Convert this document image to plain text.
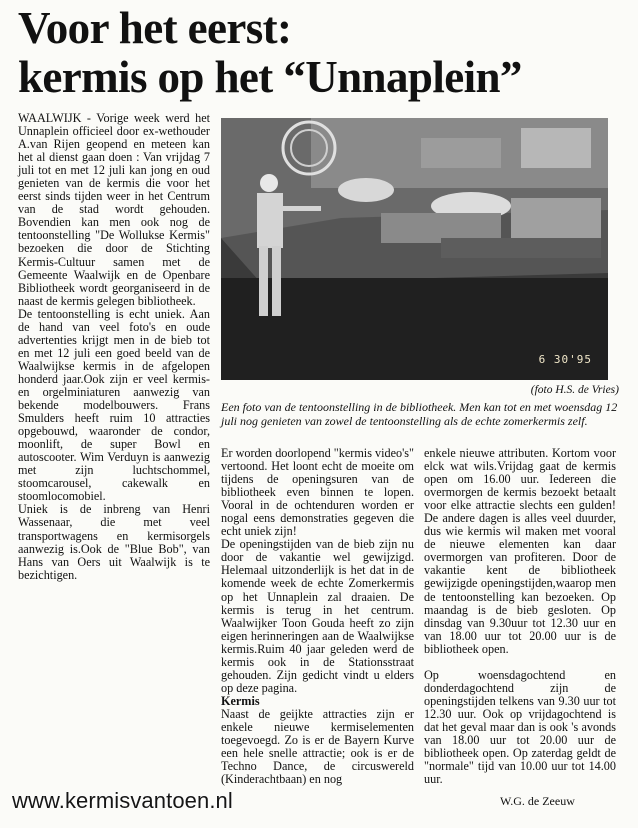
Voor het eerst:
kermis op het “Unnaplein”

WAALWIJK - Vorige week werd het Unnaplein officieel door ex-wethouder A.van Rijen geopend en meteen kan het al dienst gaan doen : Van vrijdag 7 juli tot en met 12 juli kan jong en oud genieten van de kermis die voor het eerst sinds tijden weer in het Centrum van de stad wordt gehouden. Bovendien kan men ook nog de tentoonstelling "De Wollukse Kermis" bezoeken die door de Stichting Kermis-Cultuur samen met de Gemeente Waalwijk en de Openbare Bibliotheek wordt georganiseerd in de naast de kermis gelegen bibliotheek.

De tentoonstelling is echt uniek. Aan de hand van veel foto's en oude advertenties krijgt men in de bieb tot en met 12 juli een goed beeld van de Waalwijkse kermis in de afgelopen honderd jaar.Ook zijn er veel kermis- en orgelminiaturen aanwezig van bekende modelbouwers. Frans Smulders heeft ruim 10 attracties opgebouwd, waaronder de condor, moonlift, de super Bowl en autoscooter. Wim Verduyn is aanwezig met zijn luchtschommel, stoomcarousel, cakewalk en stoomlocomobiel.

Uniek is de inbreng van Henri Wassenaar, die met veel transportwagens en kermisorgels aanwezig is.Ook de "Blue Bob", van Hans van Oers uit Waalwijk is te bezichtigen.

6 30'95
(foto H.S. de Vries)
Een foto van de tentoonstelling in de bibliotheek. Men kan tot en met woensdag 12 juli nog genieten van zowel de tentoonstelling als de echte zomerkermis zelf.

Er worden doorlopend "kermis video's" vertoond. Het loont echt de moeite om tijdens de openingsuren van de bibliotheek even binnen te lopen. Vooral in de ochtenduren worden er nogal eens demonstraties gegeven die echt uniek zijn!

De openingstijden van de bieb zijn nu door de vakantie wel gewijzigd. Helemaal uitzonderlijk is het dat in de komende week de echte Zomerkermis op het Unnaplein zal draaien. De kermis is terug in het centrum. Waalwijker Toon Gouda heeft zo zijn eigen herinneringen aan de Waalwijkse kermis.Ruim 40 jaar geleden werd de kermis ook in de Stationsstraat gehouden. Zijn gedicht vindt u elders op deze pagina.

Kermis

Naast de geijkte attracties zijn er enkele nieuwe kermiselementen toegevoegd. Zo is er de Bayern Kurve een hele snelle attractie; ook is er de Techno Dance, de circuswereld (Kinderachtbaan) en nog

enkele nieuwe attributen. Kortom voor elck wat wils.Vrijdag gaat de kermis open om 16.00 uur. Iedereen die overmorgen de kermis bezoekt betaalt voor elke attractie slechts een gulden! De andere dagen is alles veel duurder, dus wie kermis wil maken met vooral de nieuwe elementen kan daar overmorgen van profiteren. Door de vakantie kent de bibliotheek gewijzigde openingstijden,waarop men de tentoonstelling kan bezoeken. Op maandag is de bieb gesloten. Op dinsdag van 9.30uur tot 12.30 uur en van 18.00 uur tot 20.00 uur is de bibliotheek open.

Op woensdagochtend en donderdagochtend zijn de openingstijden telkens van 9.30 uur tot 12.30 uur. Ook op vrijdagochtend is dat het geval maar dan is ook 's avonds van 18.00 uur tot 20.00 uur de bibliotheek open. Op zaterdag geldt de "normale" tijd van 10.00 uur tot 14.00 uur.

W.G. de Zeeuw
www.kermisvantoen.nl
